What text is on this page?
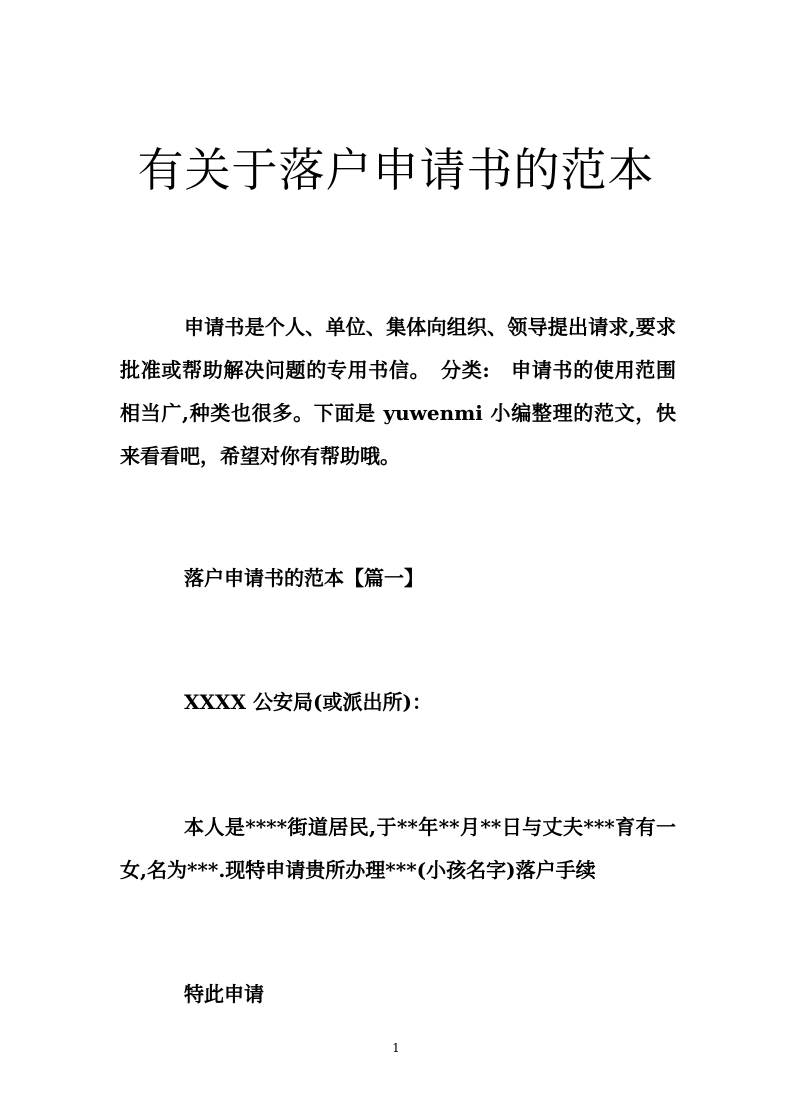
有关于落户申请书的范本

申请书是个人、单位、集体向组织、领导提出请求,要求批准或帮助解决问题的专用书信。　分类:　申请书的使用范围相当广,种类也很多。下面是 yuwenmi 小编整理的范文，快来看看吧，希望对你有帮助哦。

落户申请书的范本【篇一】

XXXX 公安局(或派出所)：

本人是****街道居民,于**年**月**日与丈夫***育有一女,名为***.现特申请贵所办理***(小孩名字)落户手续

特此申请

1
